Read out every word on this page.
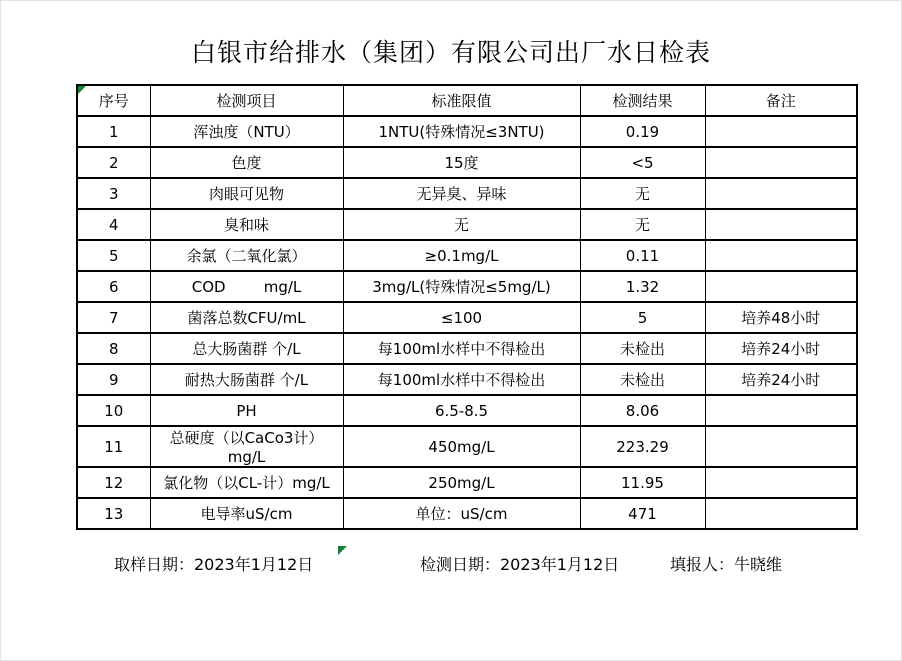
白银市给排水（集团）有限公司出厂水日检表
序号	检测项目	标准限值	检测结果	备注
1	浑浊度（NTU）	1NTU(特殊情况≤3NTU)	0.19	
2	色度	15度	<5	
3	肉眼可见物	无异臭、异味	无	
4	臭和味	无	无	
5	余氯（二氧化氯）	≥0.1mg/L	0.11	
6	COD        mg/L	3mg/L(特殊情况≤5mg/L)	1.32	
7	菌落总数CFU/mL	≤100	5	培养48小时
8	总大肠菌群 个/L	每100ml水样中不得检出	未检出	培养24小时
9	耐热大肠菌群 个/L	每100ml水样中不得检出	未检出	培养24小时
10	PH	6.5-8.5	8.06	
11	总硬度（以CaCo3计）mg/L	450mg/L	223.29	
12	氯化物（以CL-计）mg/L	250mg/L	11.95	
13	电导率uS/cm	单位：uS/cm	471	
取样日期：2023年1月12日	检测日期：2023年1月12日	填报人：牛晓维
